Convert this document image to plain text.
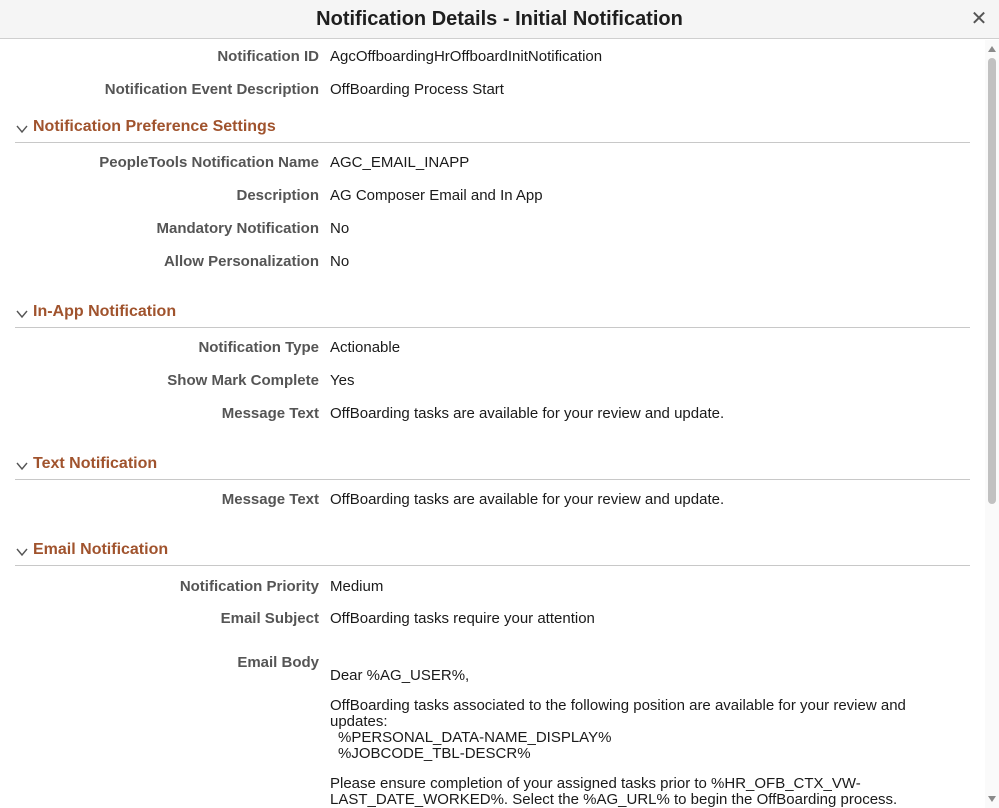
Notification Details - Initial Notification	✕
Notification ID AgcOffboardingHrOffboardInitNotification
Notification Event Description OffBoarding Process Start
Notification Preference Settings
PeopleTools Notification Name AGC_EMAIL_INAPP
Description AG Composer Email and In App
Mandatory Notification No
Allow Personalization No
In-App Notification
Notification Type Actionable
Show Mark Complete Yes
Message Text OffBoarding tasks are available for your review and update.
Text Notification
Message Text OffBoarding tasks are available for your review and update.
Email Notification
Notification Priority Medium
Email Subject OffBoarding tasks require your attention
Email Body

Dear %AG_USER%,

OffBoarding tasks associated to the following position are available for your review and updates:
%PERSONAL_DATA-NAME_DISPLAY%
%JOBCODE_TBL-DESCR%

Please ensure completion of your assigned tasks prior to %HR_OFB_CTX_VW-LAST_DATE_WORKED%. Select the %AG_URL% to begin the OffBoarding process.
